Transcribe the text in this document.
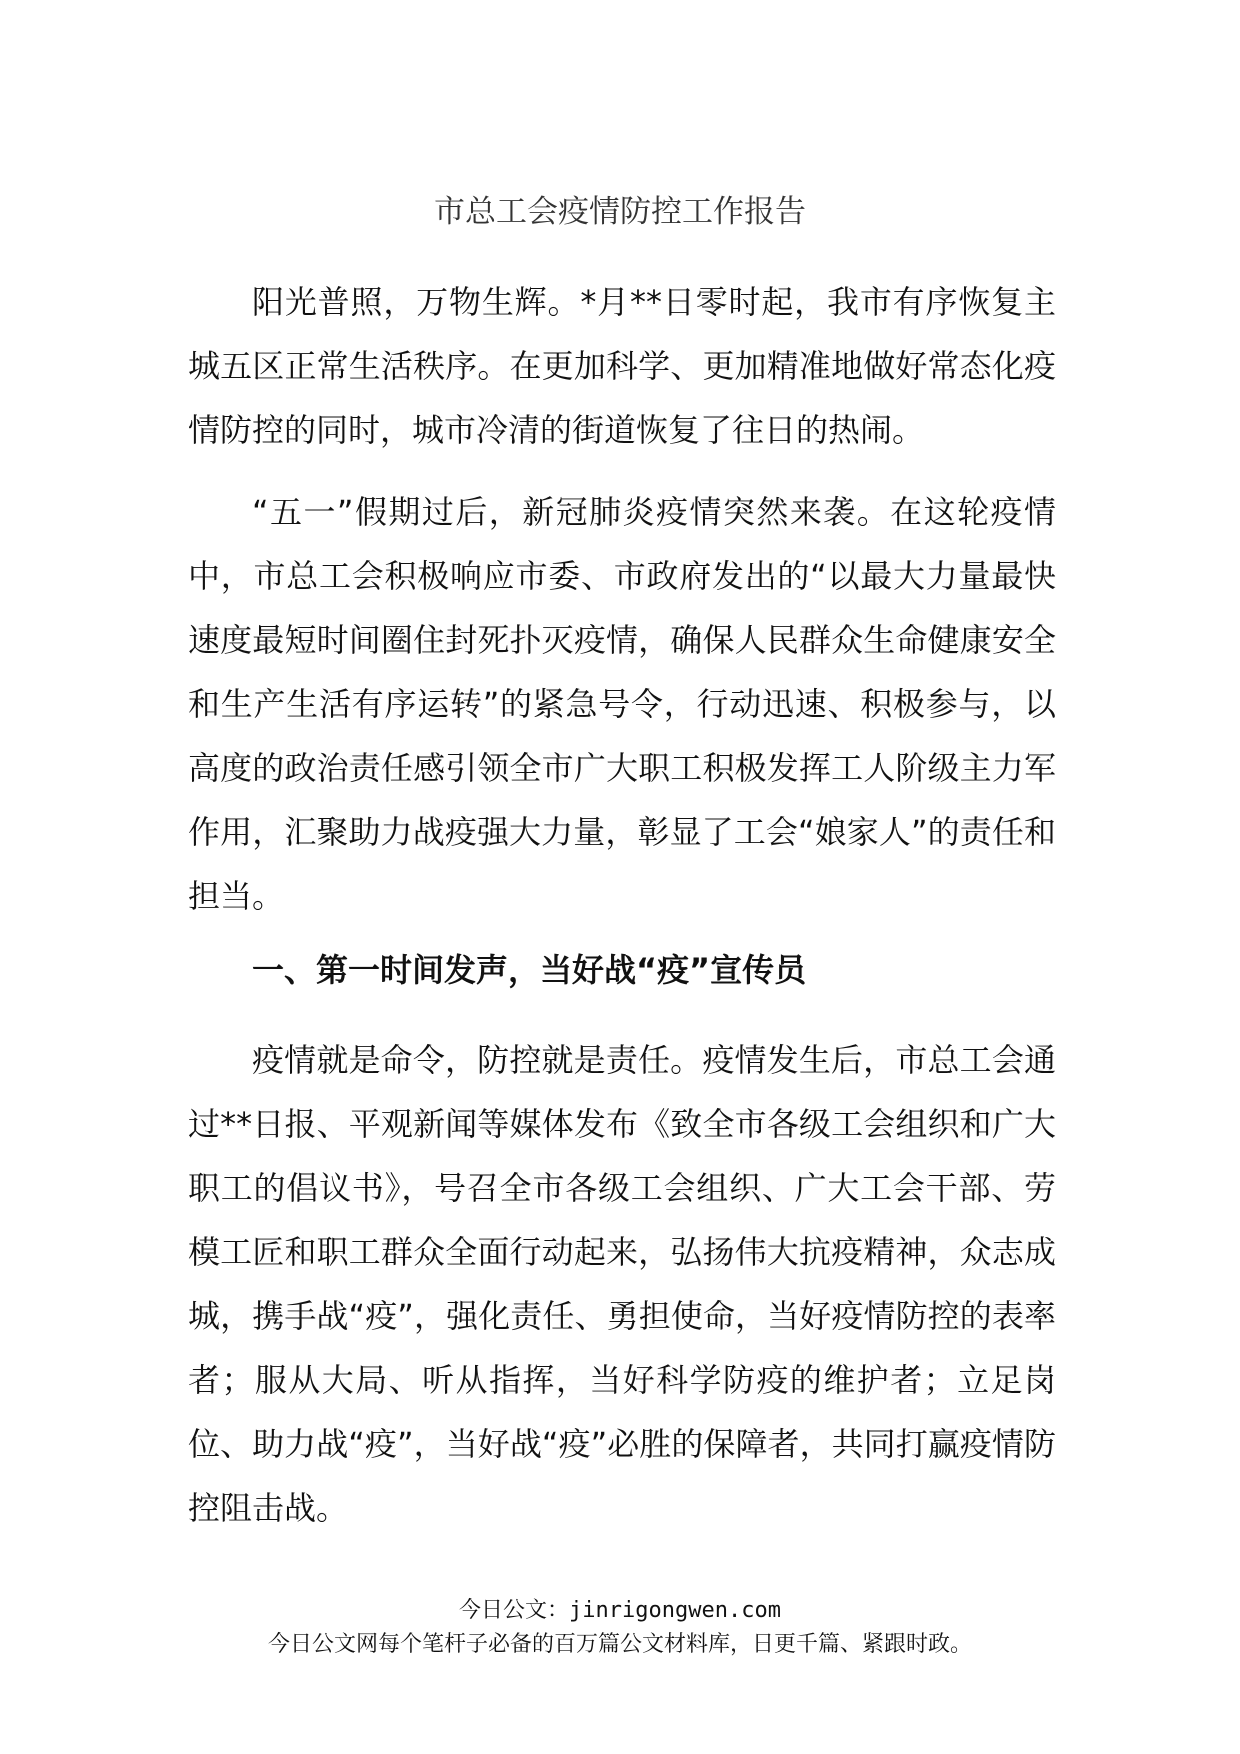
市总工会疫情防控工作报告

阳光普照，万物生辉。*月**日零时起，我市有序恢复主城五区正常生活秩序。在更加科学、更加精准地做好常态化疫情防控的同时，城市冷清的街道恢复了往日的热闹。

“五一”假期过后，新冠肺炎疫情突然来袭。在这轮疫情中，市总工会积极响应市委、市政府发出的“以最大力量最快速度最短时间圈住封死扑灭疫情，确保人民群众生命健康安全和生产生活有序运转”的紧急号令，行动迅速、积极参与，以高度的政治责任感引领全市广大职工积极发挥工人阶级主力军作用，汇聚助力战疫强大力量，彰显了工会“娘家人”的责任和担当。

一、第一时间发声，当好战“疫”宣传员

疫情就是命令，防控就是责任。疫情发生后，市总工会通过**日报、平观新闻等媒体发布《致全市各级工会组织和广大职工的倡议书》，号召全市各级工会组织、广大工会干部、劳模工匠和职工群众全面行动起来，弘扬伟大抗疫精神，众志成城，携手战“疫”，强化责任、勇担使命，当好疫情防控的表率者；服从大局、听从指挥，当好科学防疫的维护者；立足岗位、助力战“疫”，当好战“疫”必胜的保障者，共同打赢疫情防控阻击战。

今日公文：jinrigongwen.com
今日公文网每个笔杆子必备的百万篇公文材料库，日更千篇、紧跟时政。
